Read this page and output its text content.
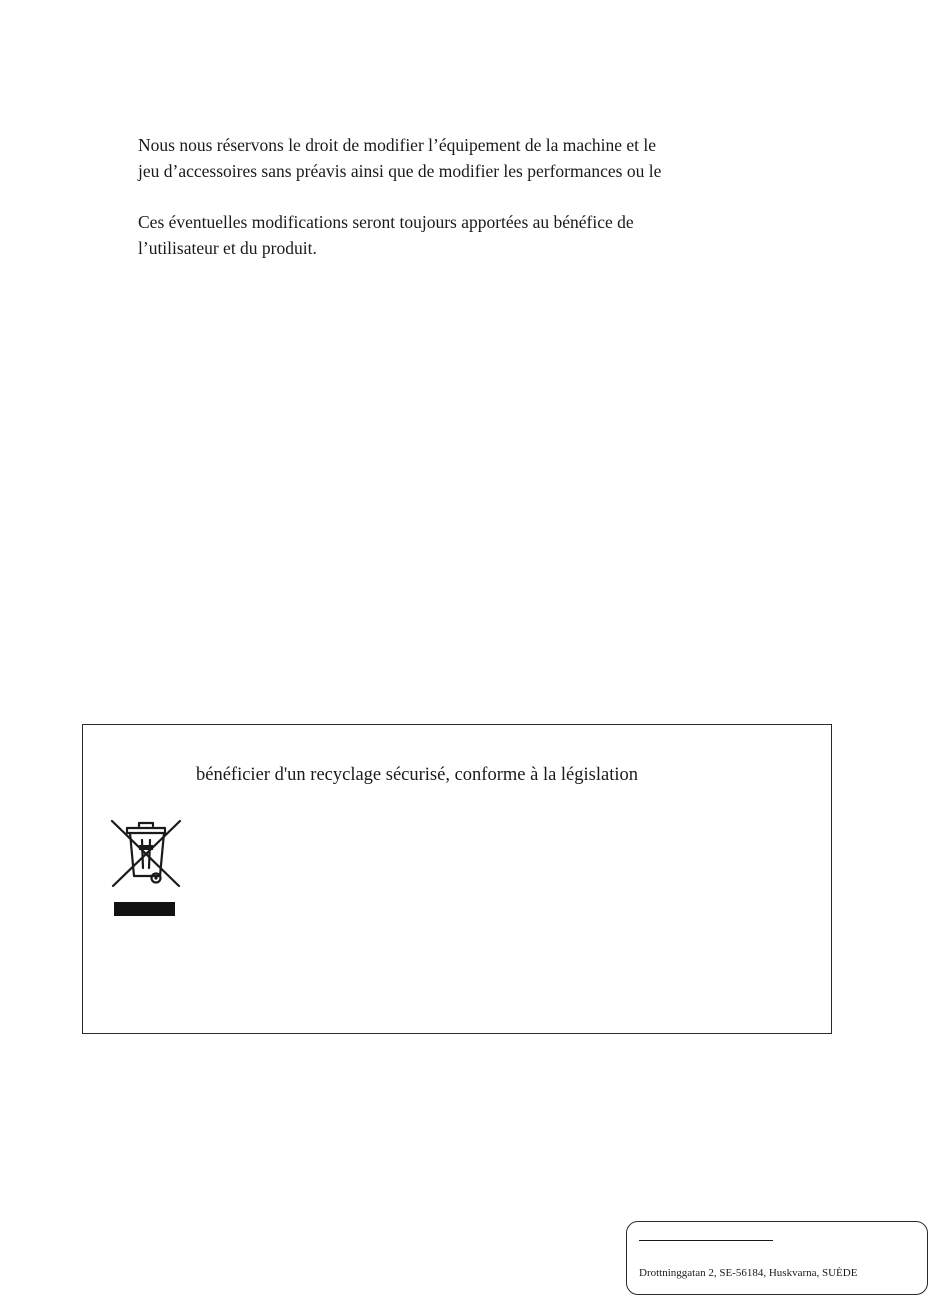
Nous nous réservons le droit de modifier l’équipement de la machine et le
jeu d’accessoires sans préavis ainsi que de modifier les performances ou le

Ces éventuelles modifications seront toujours apportées au bénéfice de
l’utilisateur et du produit.

bénéficier d'un recyclage sécurisé, conforme à la législation

Drottninggatan 2, SE-56184, Huskvarna, SUÈDE
